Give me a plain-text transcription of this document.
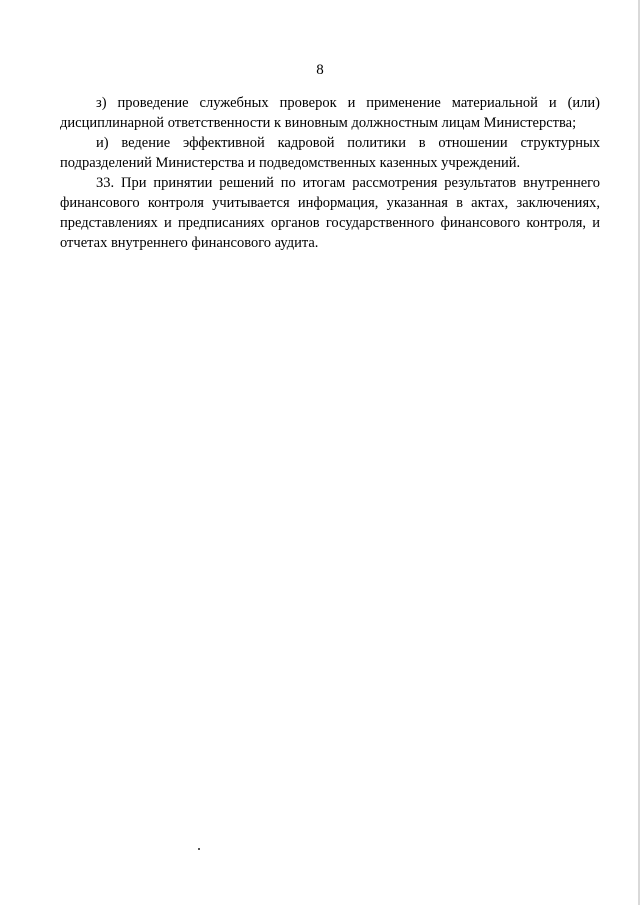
8

з) проведение служебных проверок и применение материальной и (или) дисциплинарной ответственности к виновным должностным лицам Министерства;

и) ведение эффективной кадровой политики в отношении структурных подразделений Министерства и подведомственных казенных учреждений.

33. При принятии решений по итогам рассмотрения результатов внутреннего финансового контроля учитывается информация, указанная в актах, заключениях, представлениях и предписаниях органов государственного финансового контроля, и отчетах внутреннего финансового аудита.
